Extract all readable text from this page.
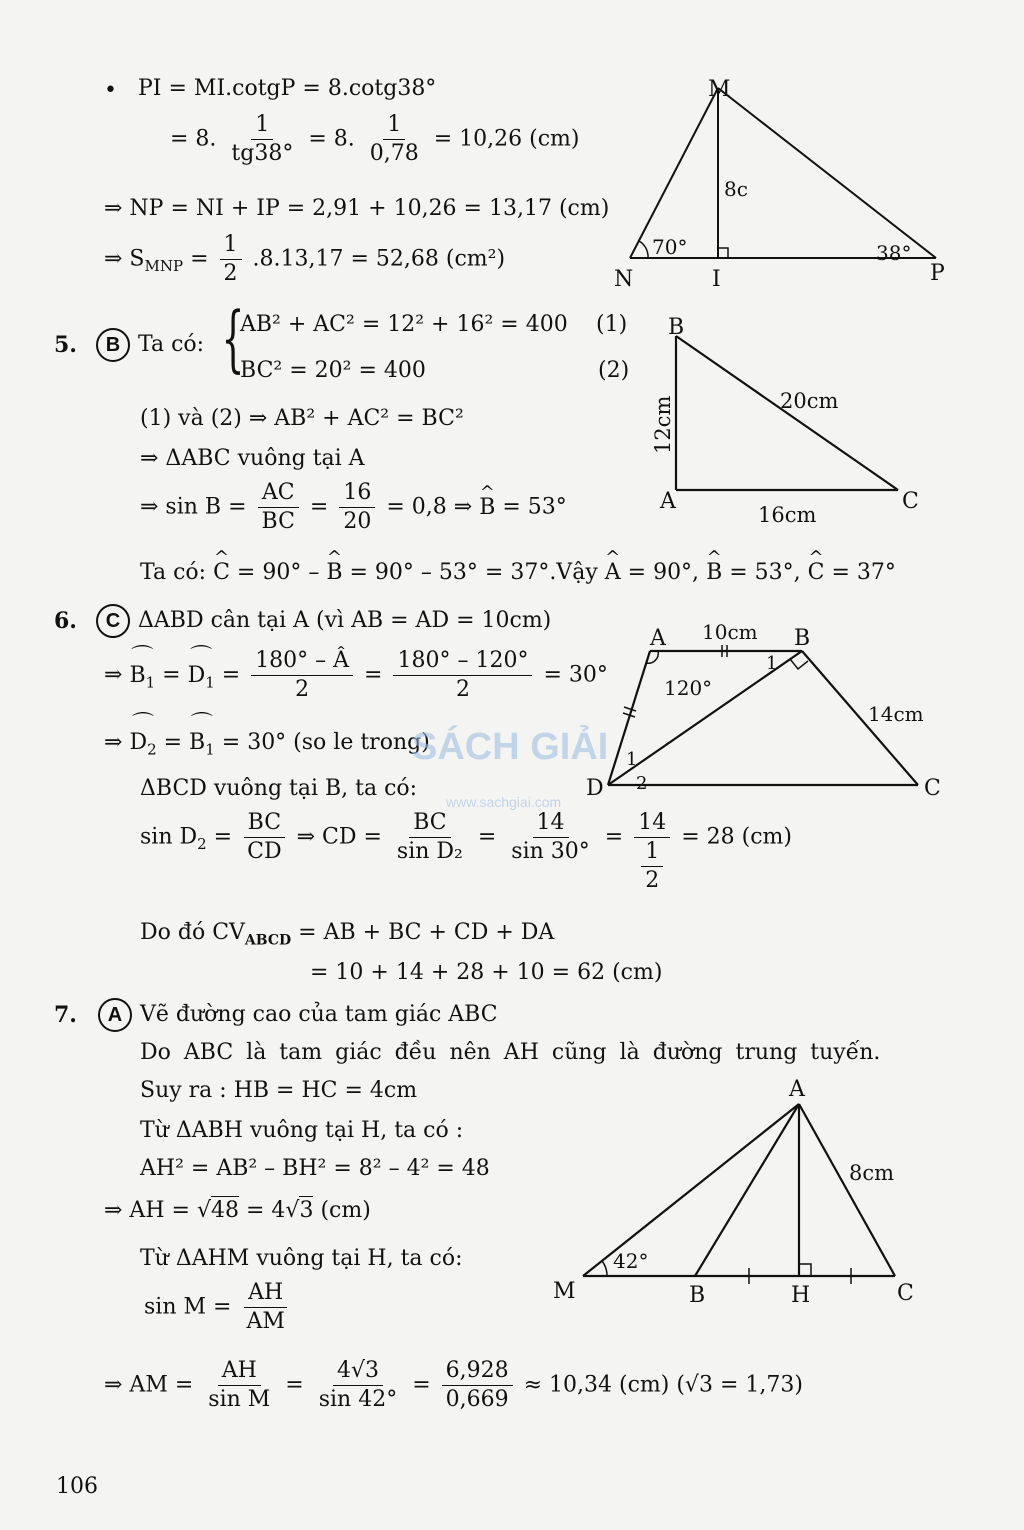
• PI = MI.cotgP = 8.cotg38°
= 8. $\frac{1}{tg38^\circ} = 8$. $\frac{1}{0,78} = 10,26$ (cm)
⇒ NP = NI + IP = 2,91 + 10,26 = 13,17 (cm)
⇒ $S_{MNP} = \frac{1}{2} .8.13,17 = 52,68$ (cm²)
M
N	I	P
70°	38°
8c
5.	B Ta có: {
AB² + AC² = 12² + 16² = 400 (1)
BC² = 20² = 400	(2)
(1) và (2) ⇒ AB² + AC² = BC²
⇒ ΔABC vuông tại A
⇒ $\sin B = \frac{AC}{BC} = \frac{16}{20} = 0,8$ ⇒ ^ B = 53°
Ta có: ^ C = 90° – ^ B = 90° – 53° = 37°.Vậy ^ A = 90°, ^ B = 53°, ^ C = 37°
B
A	C
20cm
16cm
12cm
6.	C ΔABD cân tại A (vì AB = AD = 10cm)
⇒ ⌒ $B_1$ = ⌒ $D_1 = \frac{180^\circ - Â}{2} = \frac{180^\circ - 120^\circ}{2} = 30^\circ$
⇒ ⌒ $D_2$ = ⌒ $B_1 = 30^\circ$ (so le trong)
ΔBCD vuông tại B, ta có:
$\sin D_2 = \frac{BC}{CD}$ ⇒ CD = $\frac{BC}{\text{sin D₂}} = \frac{14}{\sin 30^\circ} = \frac{14}{\frac{1}{2}} = 28$ (cm)
Do đó $CV_{ABCD}$ = AB + BC + CD + DA
= 10 + 14 + 28 + 10 = 62 (cm)
A	B
C
D
10cm
14cm
120°
1
1
2
SÁCH GIẢI
www.sachgiai.com
7.	A Vẽ đường cao của tam giác ABC
Do ABC là tam giác đều nên AH cũng là đường trung tuyến.
Suy ra : HB = HC = 4cm
Từ ΔABH vuông tại H, ta có :
AH² = AB² – BH² = 8² – 4² = 48
⇒ AH = √ 48 = 4 √ 3 (cm)
Từ ΔAHM vuông tại H, ta có:
$\sin M = \frac{AH}{AM}$
⇒ AM = $\frac{AH}{\text{sin M}} = \frac{4√3}{\sin 42^\circ} = \frac{6,928}{0,669} \approx 10,34$ (cm) (√3 = 1,73)
A
M	B	H	C
8cm
42°
106
